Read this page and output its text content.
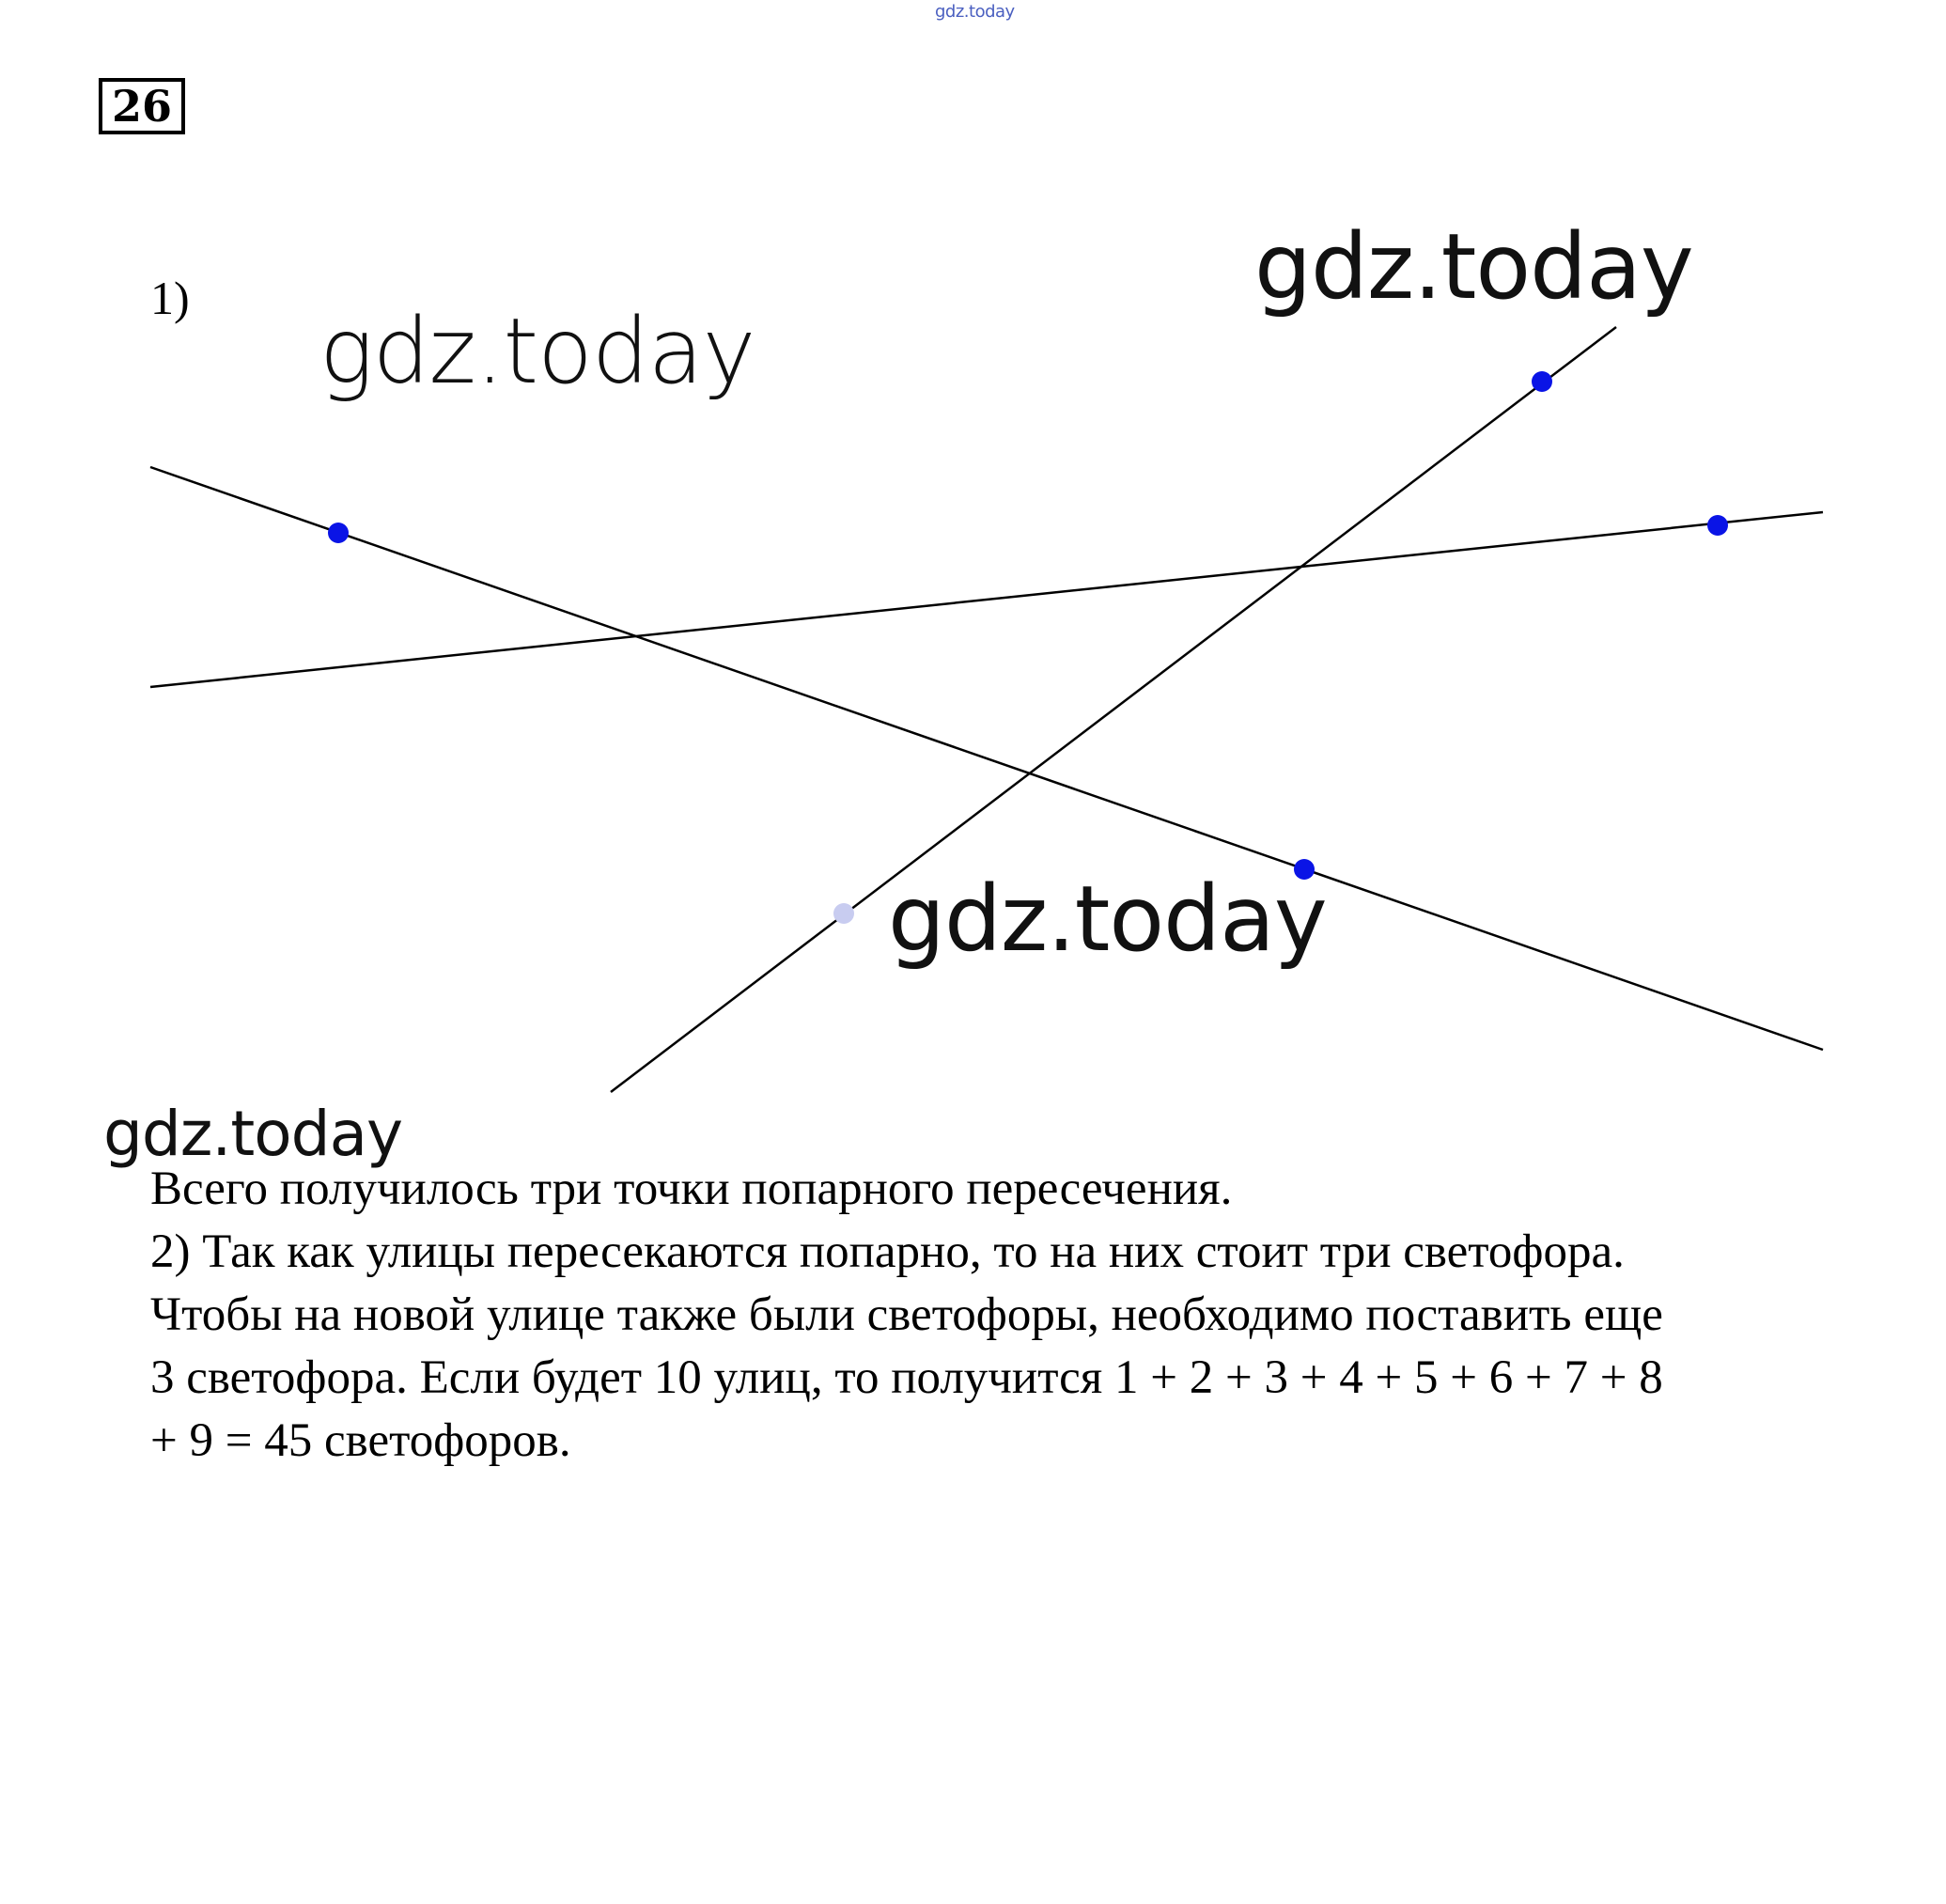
gdz.today
26
1)
gdz.today
gdz.today
gdz.today
gdz.today

Всего получилось три точки попарного пересечения.

2) Так как улицы пересекаются попарно, то на них стоит три светофора.

Чтобы на новой улице также были светофоры, необходимо поставить еще

3 светофора. Если будет 10 улиц, то получится 1 + 2 + 3 + 4 + 5 + 6 + 7 + 8

+ 9 = 45 светофоров.
